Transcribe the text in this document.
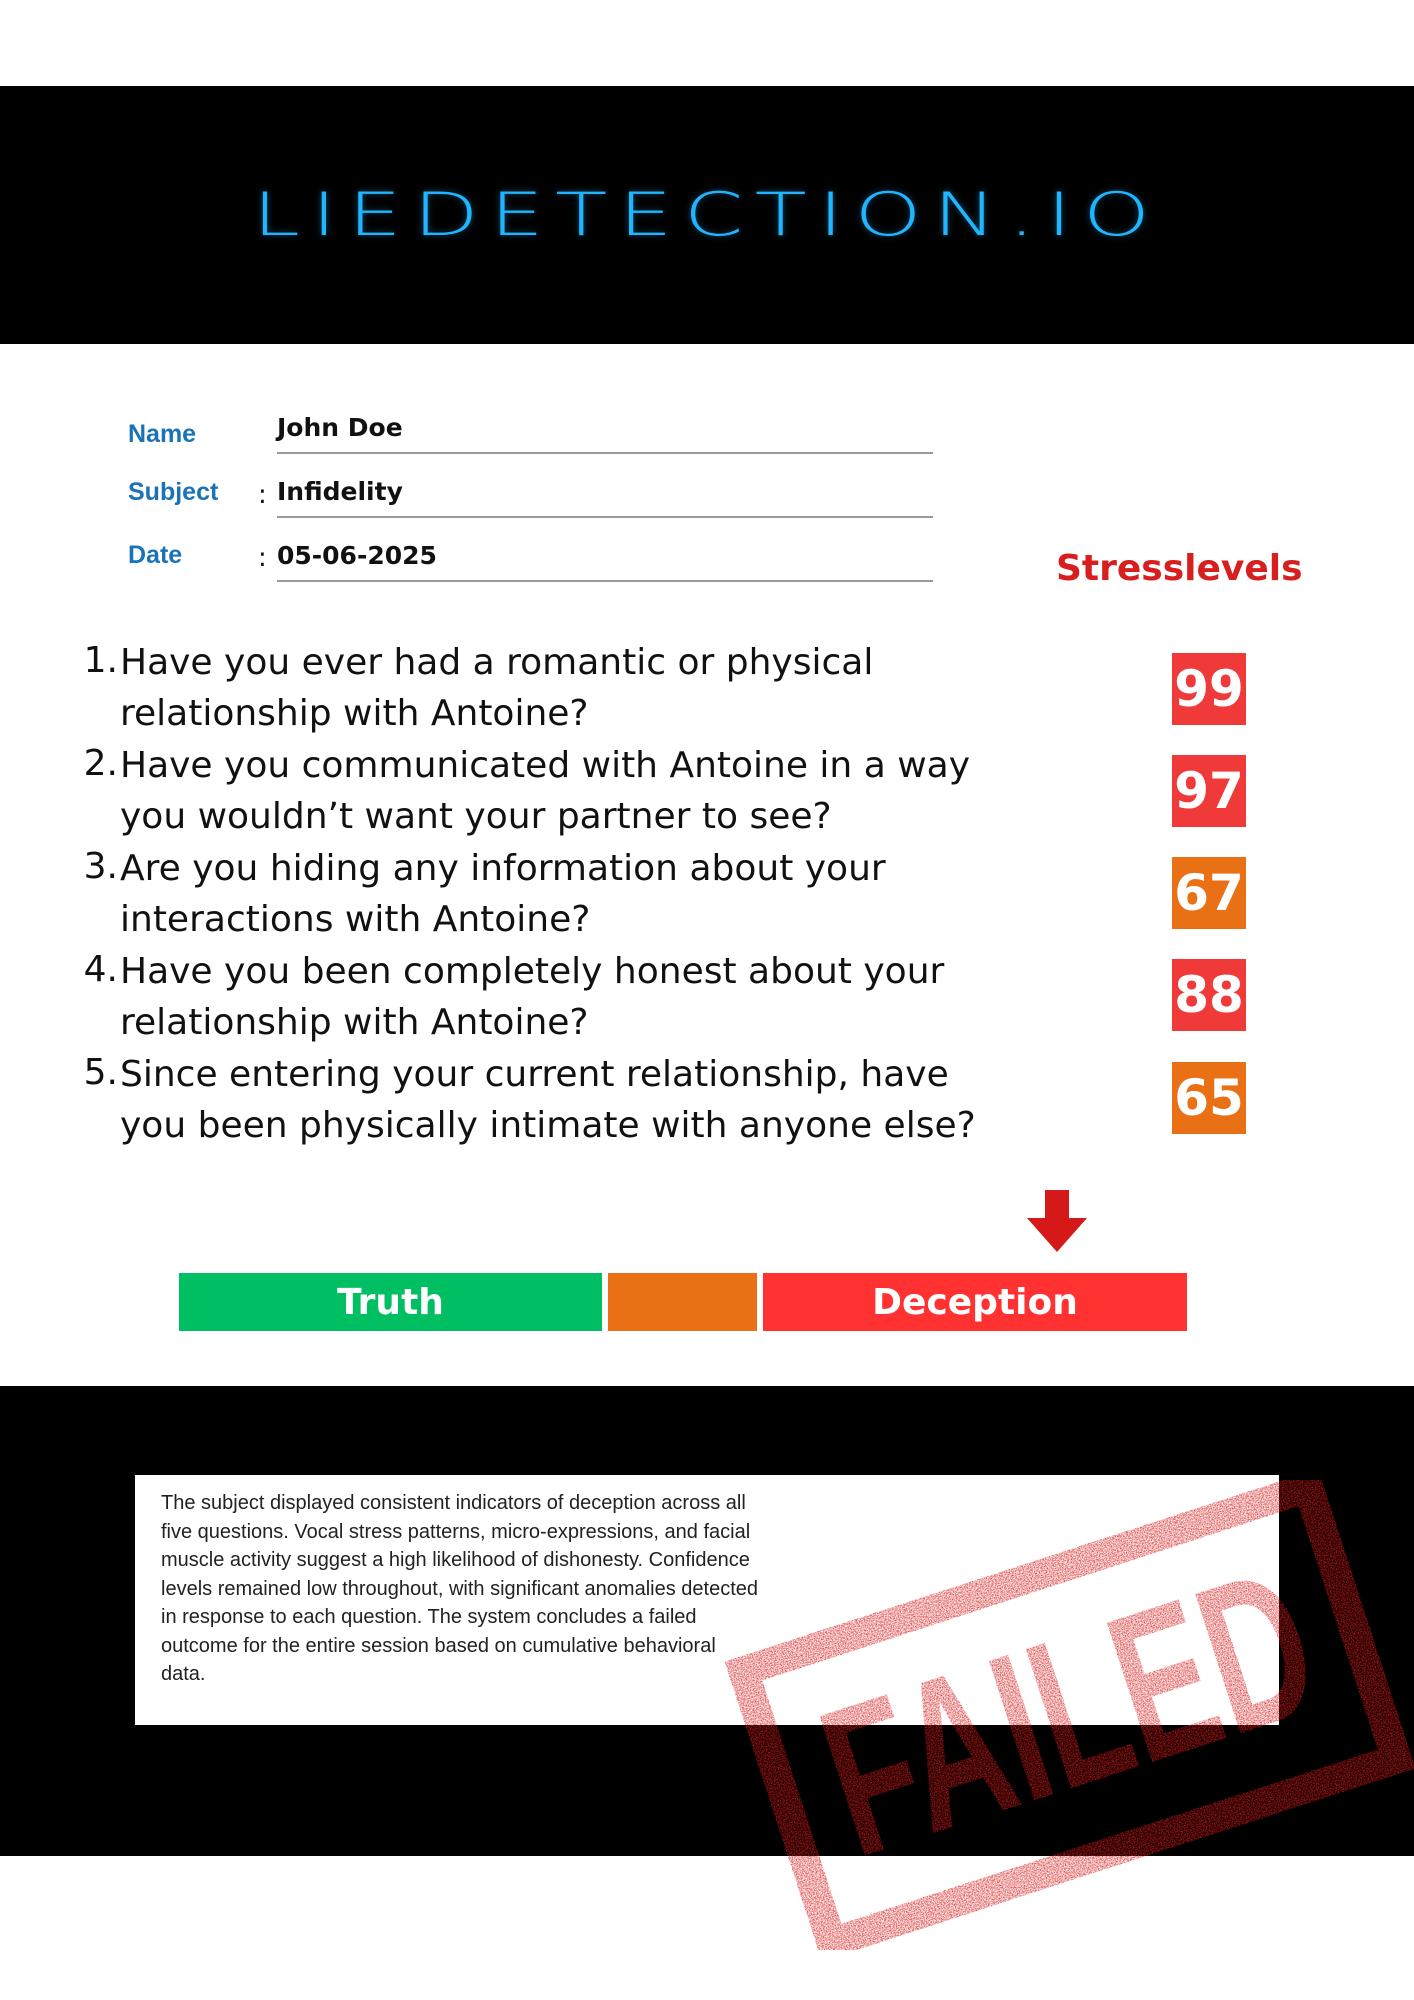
LIEDETECTION.IO
Name	John Doe
Subject : Infidelity
Date	: 05-06-2025	Stresslevels
1. Have you ever had a romantic or physical
relationship with Antoine?	99
2. Have you communicated with Antoine in a way
you wouldn’t want your partner to see?	97
3. Are you hiding any information about your
interactions with Antoine?	67
4. Have you been completely honest about your
relationship with Antoine?	88
5. Since entering your current relationship, have
you been physically intimate with anyone else?	65
Truth	Deception

The subject displayed consistent indicators of deception across all five questions. Vocal stress patterns, micro-expressions, and facial muscle activity suggest a high likelihood of dishonesty. Confidence levels remained low throughout, with significant anomalies detected in response to each question. The system concludes a failed outcome for the entire session based on cumulative behavioral data.	FAILED
